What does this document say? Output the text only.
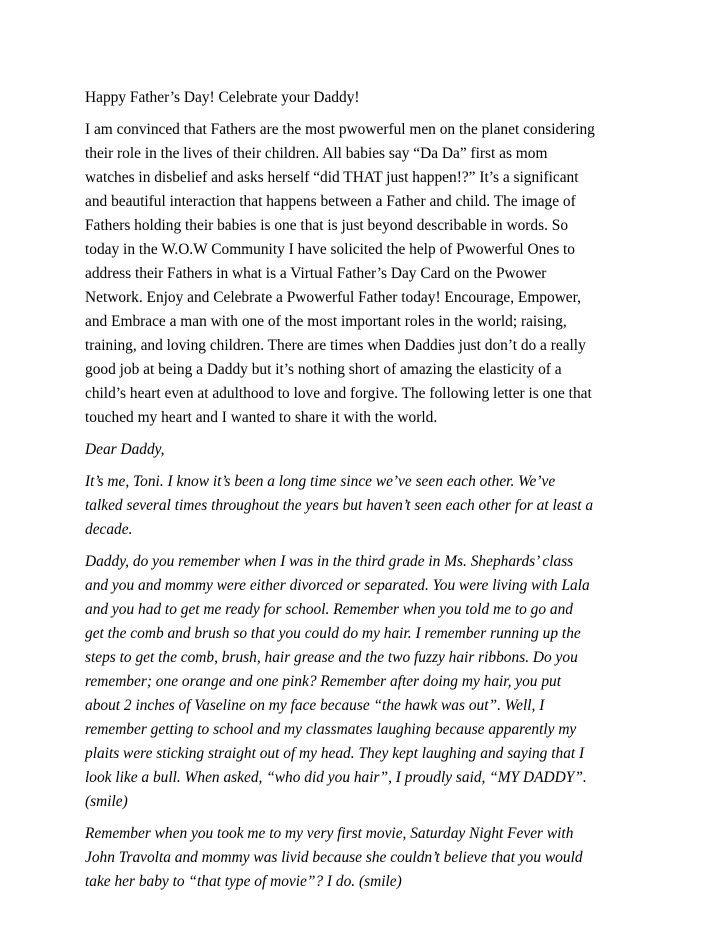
Happy Father’s Day! Celebrate your Daddy!

I am convinced that Fathers are the most pwowerful men on the planet considering
their role in the lives of their children. All babies say “Da Da” first as mom
watches in disbelief and asks herself “did THAT just happen!?” It’s a significant
and beautiful interaction that happens between a Father and child. The image of
Fathers holding their babies is one that is just beyond describable in words. So
today in the W.O.W Community I have solicited the help of Pwowerful Ones to
address their Fathers in what is a Virtual Father’s Day Card on the Pwower
Network. Enjoy and Celebrate a Pwowerful Father today! Encourage, Empower,
and Embrace a man with one of the most important roles in the world; raising,
training, and loving children. There are times when Daddies just don’t do a really
good job at being a Daddy but it’s nothing short of amazing the elasticity of a
child’s heart even at adulthood to love and forgive. The following letter is one that
touched my heart and I wanted to share it with the world.

Dear Daddy,

It’s me, Toni. I know it’s been a long time since we’ve seen each other. We’ve
talked several times throughout the years but haven’t seen each other for at least a
decade.

Daddy, do you remember when I was in the third grade in Ms. Shephards’ class
and you and mommy were either divorced or separated. You were living with Lala
and you had to get me ready for school. Remember when you told me to go and
get the comb and brush so that you could do my hair. I remember running up the
steps to get the comb, brush, hair grease and the two fuzzy hair ribbons. Do you
remember; one orange and one pink? Remember after doing my hair, you put
about 2 inches of Vaseline on my face because “the hawk was out”. Well, I
remember getting to school and my classmates laughing because apparently my
plaits were sticking straight out of my head. They kept laughing and saying that I
look like a bull. When asked, “who did you hair”, I proudly said, “MY DADDY”.
(smile)

Remember when you took me to my very first movie, Saturday Night Fever with
John Travolta and mommy was livid because she couldn’t believe that you would
take her baby to “that type of movie”? I do. (smile)
